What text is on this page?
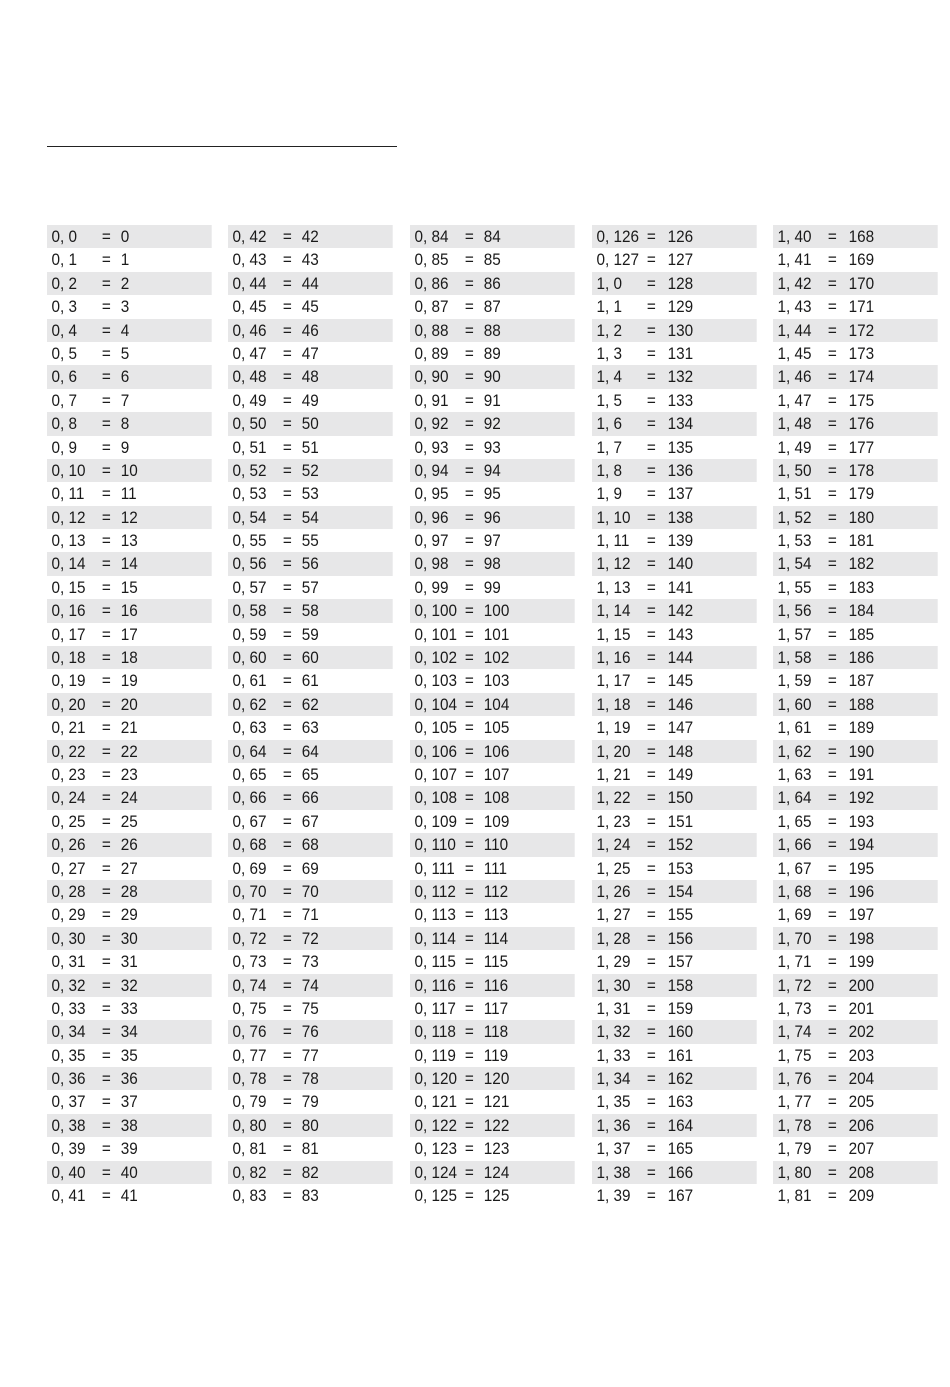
0, 0 = 0
0, 1 = 1
0, 2 = 2
0, 3 = 3
0, 4 = 4
0, 5 = 5
0, 6 = 6
0, 7 = 7
0, 8 = 8
0, 9 = 9
0, 10 = 10
0, 11 = 11
0, 12 = 12
0, 13 = 13
0, 14 = 14
0, 15 = 15
0, 16 = 16
0, 17 = 17
0, 18 = 18
0, 19 = 19
0, 20 = 20
0, 21 = 21
0, 22 = 22
0, 23 = 23
0, 24 = 24
0, 25 = 25
0, 26 = 26
0, 27 = 27
0, 28 = 28
0, 29 = 29
0, 30 = 30
0, 31 = 31
0, 32 = 32
0, 33 = 33
0, 34 = 34
0, 35 = 35
0, 36 = 36
0, 37 = 37
0, 38 = 38
0, 39 = 39
0, 40 = 40
0, 41 = 41
0, 42 = 42
0, 43 = 43
0, 44 = 44
0, 45 = 45
0, 46 = 46
0, 47 = 47
0, 48 = 48
0, 49 = 49
0, 50 = 50
0, 51 = 51
0, 52 = 52
0, 53 = 53
0, 54 = 54
0, 55 = 55
0, 56 = 56
0, 57 = 57
0, 58 = 58
0, 59 = 59
0, 60 = 60
0, 61 = 61
0, 62 = 62
0, 63 = 63
0, 64 = 64
0, 65 = 65
0, 66 = 66
0, 67 = 67
0, 68 = 68
0, 69 = 69
0, 70 = 70
0, 71 = 71
0, 72 = 72
0, 73 = 73
0, 74 = 74
0, 75 = 75
0, 76 = 76
0, 77 = 77
0, 78 = 78
0, 79 = 79
0, 80 = 80
0, 81 = 81
0, 82 = 82
0, 83 = 83
0, 84 = 84
0, 85 = 85
0, 86 = 86
0, 87 = 87
0, 88 = 88
0, 89 = 89
0, 90 = 90
0, 91 = 91
0, 92 = 92
0, 93 = 93
0, 94 = 94
0, 95 = 95
0, 96 = 96
0, 97 = 97
0, 98 = 98
0, 99 = 99
0, 100 = 100
0, 101 = 101
0, 102 = 102
0, 103 = 103
0, 104 = 104
0, 105 = 105
0, 106 = 106
0, 107 = 107
0, 108 = 108
0, 109 = 109
0, 110 = 110
0, 111 = 111
0, 112 = 112
0, 113 = 113
0, 114 = 114
0, 115 = 115
0, 116 = 116
0, 117 = 117
0, 118 = 118
0, 119 = 119
0, 120 = 120
0, 121 = 121
0, 122 = 122
0, 123 = 123
0, 124 = 124
0, 125 = 125
0, 126 = 126
0, 127 = 127
1, 0 = 128
1, 1 = 129
1, 2 = 130
1, 3 = 131
1, 4 = 132
1, 5 = 133
1, 6 = 134
1, 7 = 135
1, 8 = 136
1, 9 = 137
1, 10 = 138
1, 11 = 139
1, 12 = 140
1, 13 = 141
1, 14 = 142
1, 15 = 143
1, 16 = 144
1, 17 = 145
1, 18 = 146
1, 19 = 147
1, 20 = 148
1, 21 = 149
1, 22 = 150
1, 23 = 151
1, 24 = 152
1, 25 = 153
1, 26 = 154
1, 27 = 155
1, 28 = 156
1, 29 = 157
1, 30 = 158
1, 31 = 159
1, 32 = 160
1, 33 = 161
1, 34 = 162
1, 35 = 163
1, 36 = 164
1, 37 = 165
1, 38 = 166
1, 39 = 167
1, 40 = 168
1, 41 = 169
1, 42 = 170
1, 43 = 171
1, 44 = 172
1, 45 = 173
1, 46 = 174
1, 47 = 175
1, 48 = 176
1, 49 = 177
1, 50 = 178
1, 51 = 179
1, 52 = 180
1, 53 = 181
1, 54 = 182
1, 55 = 183
1, 56 = 184
1, 57 = 185
1, 58 = 186
1, 59 = 187
1, 60 = 188
1, 61 = 189
1, 62 = 190
1, 63 = 191
1, 64 = 192
1, 65 = 193
1, 66 = 194
1, 67 = 195
1, 68 = 196
1, 69 = 197
1, 70 = 198
1, 71 = 199
1, 72 = 200
1, 73 = 201
1, 74 = 202
1, 75 = 203
1, 76 = 204
1, 77 = 205
1, 78 = 206
1, 79 = 207
1, 80 = 208
1, 81 = 209
